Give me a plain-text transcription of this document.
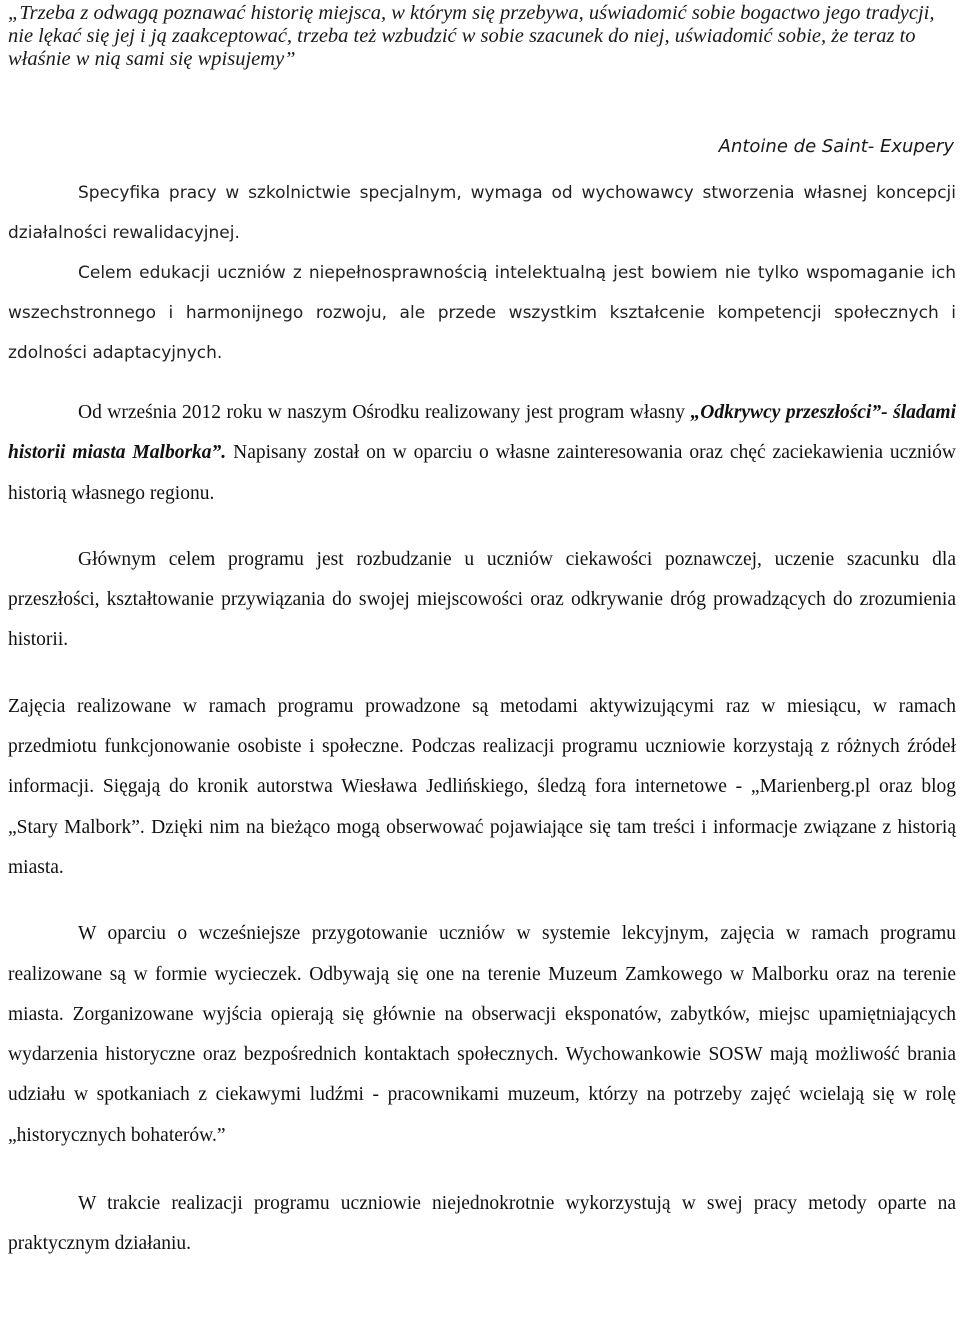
„Trzeba z odwagą poznawać historię miejsca, w którym się przebywa, uświadomić sobie bogactwo jego tradycji, nie lękać się jej i ją zaakceptować, trzeba też wzbudzić w sobie szacunek do niej, uświadomić sobie, że teraz to właśnie w nią sami się wpisujemy”

Antoine de Saint- Exupery

Specyfika pracy w szkolnictwie specjalnym, wymaga od wychowawcy stworzenia własnej koncepcji działalności rewalidacyjnej.

Celem edukacji uczniów z niepełnosprawnością intelektualną jest bowiem nie tylko wspomaganie ich wszechstronnego i harmonijnego rozwoju, ale przede wszystkim kształcenie kompetencji społecznych i zdolności adaptacyjnych.

Od września 2012 roku w naszym Ośrodku realizowany jest program własny „Odkrywcy przeszłości”- śladami historii miasta Malborka”. Napisany został on w oparciu o własne zainteresowania oraz chęć zaciekawienia uczniów historią własnego regionu.

Głównym celem programu jest rozbudzanie u uczniów ciekawości poznawczej, uczenie szacunku dla przeszłości, kształtowanie przywiązania do swojej miejscowości oraz odkrywanie dróg prowadzących do zrozumienia historii.

Zajęcia realizowane w ramach programu prowadzone są metodami aktywizującymi raz w miesiącu, w ramach przedmiotu funkcjonowanie osobiste i społeczne. Podczas realizacji programu uczniowie korzystają z różnych źródeł informacji. Sięgają do kronik autorstwa Wiesława Jedlińskiego, śledzą fora internetowe - „Marienberg.pl oraz blog „Stary Malbork”. Dzięki nim na bieżąco mogą obserwować pojawiające się tam treści i informacje związane z historią miasta.

W oparciu o wcześniejsze przygotowanie uczniów w systemie lekcyjnym, zajęcia w ramach programu realizowane są w formie wycieczek. Odbywają się one na terenie Muzeum Zamkowego w Malborku oraz na terenie miasta. Zorganizowane wyjścia opierają się głównie na obserwacji eksponatów, zabytków, miejsc upamiętniających wydarzenia historyczne oraz bezpośrednich kontaktach społecznych. Wychowankowie SOSW mają możliwość brania udziału w spotkaniach z ciekawymi ludźmi - pracownikami muzeum, którzy na potrzeby zajęć wcielają się w rolę „historycznych bohaterów.”

W trakcie realizacji programu uczniowie niejednokrotnie wykorzystują w swej pracy metody oparte na praktycznym działaniu.
